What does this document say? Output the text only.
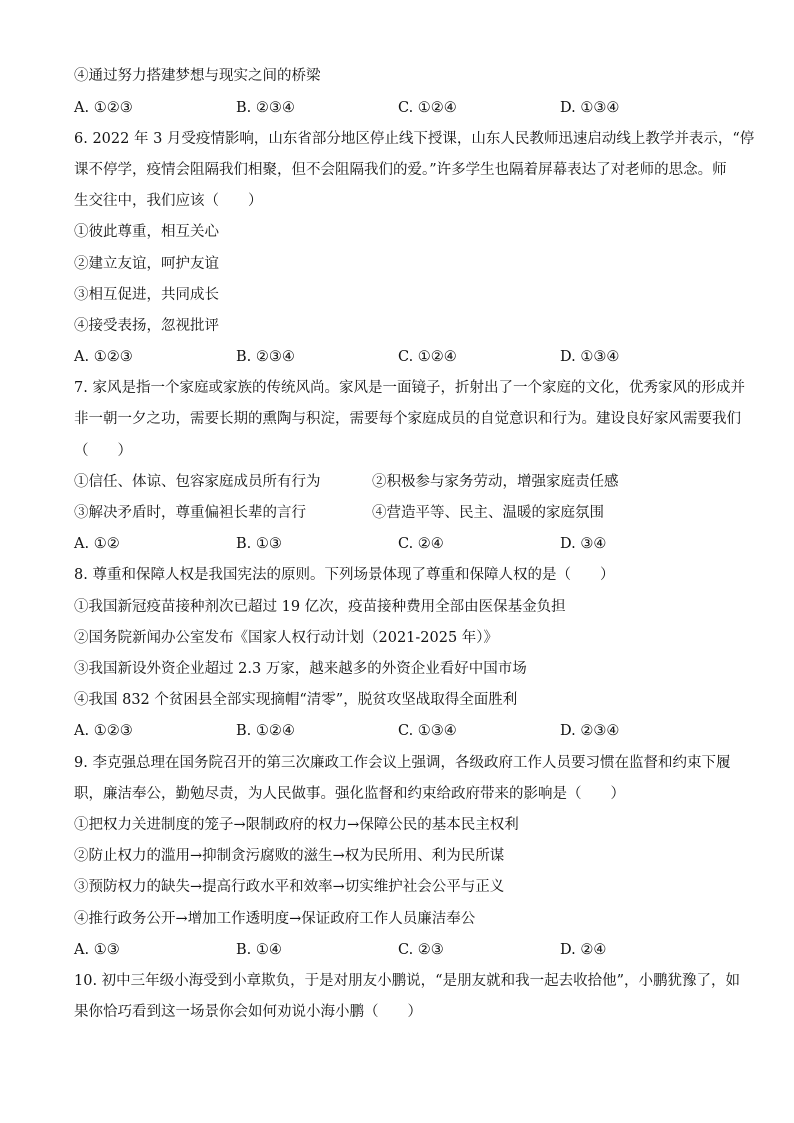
④通过努力搭建梦想与现实之间的桥梁
A. ①②③	B. ②③④	C. ①②④	D. ①③④
6. 2022 年 3 月受疫情影响，山东省部分地区停止线下授课，山东人民教师迅速启动线上教学并表示，“停
课不停学，疫情会阻隔我们相聚，但不会阻隔我们的爱。”许多学生也隔着屏幕表达了对老师的思念。师
生交往中，我们应该（　　）
①彼此尊重，相互关心
②建立友谊，呵护友谊
③相互促进，共同成长
④接受表扬，忽视批评
A. ①②③	B. ②③④	C. ①②④	D. ①③④
7. 家风是指一个家庭或家族的传统风尚。家风是一面镜子，折射出了一个家庭的文化，优秀家风的形成并
非一朝一夕之功，需要长期的熏陶与积淀，需要每个家庭成员的自觉意识和行为。建设良好家风需要我们
（　　）
①信任、体谅、包容家庭成员所有行为	②积极参与家务劳动，增强家庭责任感
③解决矛盾时，尊重偏袒长辈的言行	④营造平等、民主、温暖的家庭氛围
A. ①②	B. ①③	C. ②④	D. ③④
8. 尊重和保障人权是我国宪法的原则。下列场景体现了尊重和保障人权的是（　　）
①我国新冠疫苗接种剂次已超过 19 亿次，疫苗接种费用全部由医保基金负担
②国务院新闻办公室发布《国家人权行动计划（2021-2025 年）》
③我国新设外资企业超过 2.3 万家，越来越多的外资企业看好中国市场
④我国 832 个贫困县全部实现摘帽“清零”，脱贫攻坚战取得全面胜利
A. ①②③	B. ①②④	C. ①③④	D. ②③④
9. 李克强总理在国务院召开的第三次廉政工作会议上强调，各级政府工作人员要习惯在监督和约束下履
职，廉洁奉公，勤勉尽责，为人民做事。强化监督和约束给政府带来的影响是（　　）
①把权力关进制度的笼子→限制政府的权力→保障公民的基本民主权利
②防止权力的滥用→抑制贪污腐败的滋生→权为民所用、利为民所谋
③预防权力的缺失→提高行政水平和效率→切实维护社会公平与正义
④推行政务公开→增加工作透明度→保证政府工作人员廉洁奉公
A. ①③	B. ①④	C. ②③	D. ②④
10. 初中三年级小海受到小章欺负，于是对朋友小鹏说，“是朋友就和我一起去收拾他”，小鹏犹豫了，如
果你恰巧看到这一场景你会如何劝说小海小鹏（　　）
